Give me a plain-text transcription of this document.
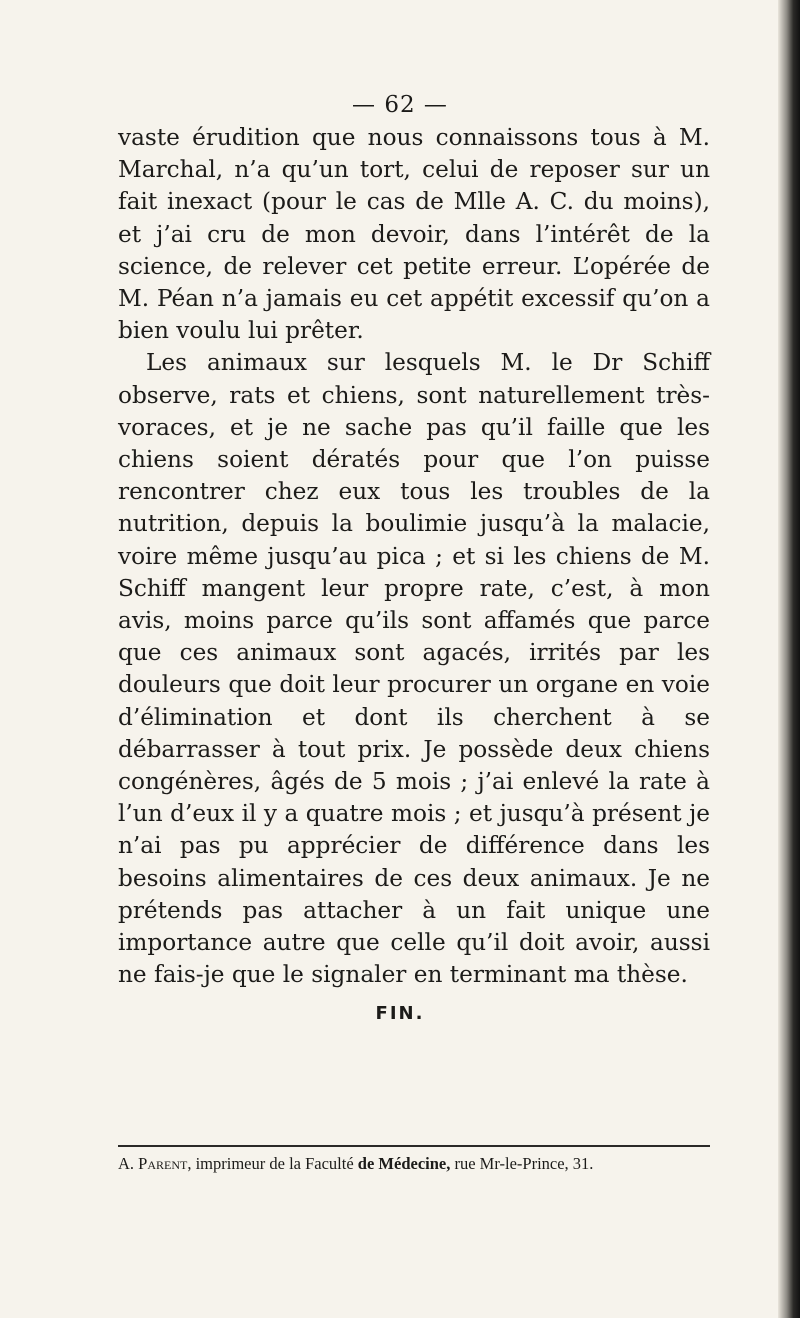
— 62 —

vaste érudition que nous connaissons tous à M. Marchal, n’a qu’un tort, celui de reposer sur un fait inexact (pour le cas de Mlle A. C. du moins), et j’ai cru de mon devoir, dans l’intérêt de la science, de relever cet petite erreur. L’opérée de M. Péan n’a jamais eu cet appétit excessif qu’on a bien voulu lui prêter.

Les animaux sur lesquels M. le Dr Schiff observe, rats et chiens, sont naturellement très-voraces, et je ne sache pas qu’il faille que les chiens soient dératés pour que l’on puisse rencontrer chez eux tous les troubles de la nutrition, depuis la boulimie jusqu’à la malacie, voire même jusqu’au pica ; et si les chiens de M. Schiff mangent leur propre rate, c’est, à mon avis, moins parce qu’ils sont affamés que parce que ces animaux sont agacés, irrités par les douleurs que doit leur procurer un organe en voie d’élimination et dont ils cherchent à se débarrasser à tout prix. Je possède deux chiens congénères, âgés de 5 mois ; j’ai enlevé la rate à l’un d’eux il y a quatre mois ; et jusqu’à présent je n’ai pas pu apprécier de différence dans les besoins alimentaires de ces deux animaux. Je ne prétends pas attacher à un fait unique une importance autre que celle qu’il doit avoir, aussi ne fais-je que le signaler en terminant ma thèse.

FIN.
A. Parent, imprimeur de la Faculté de Médecine, rue Mr-le-Prince, 31.
